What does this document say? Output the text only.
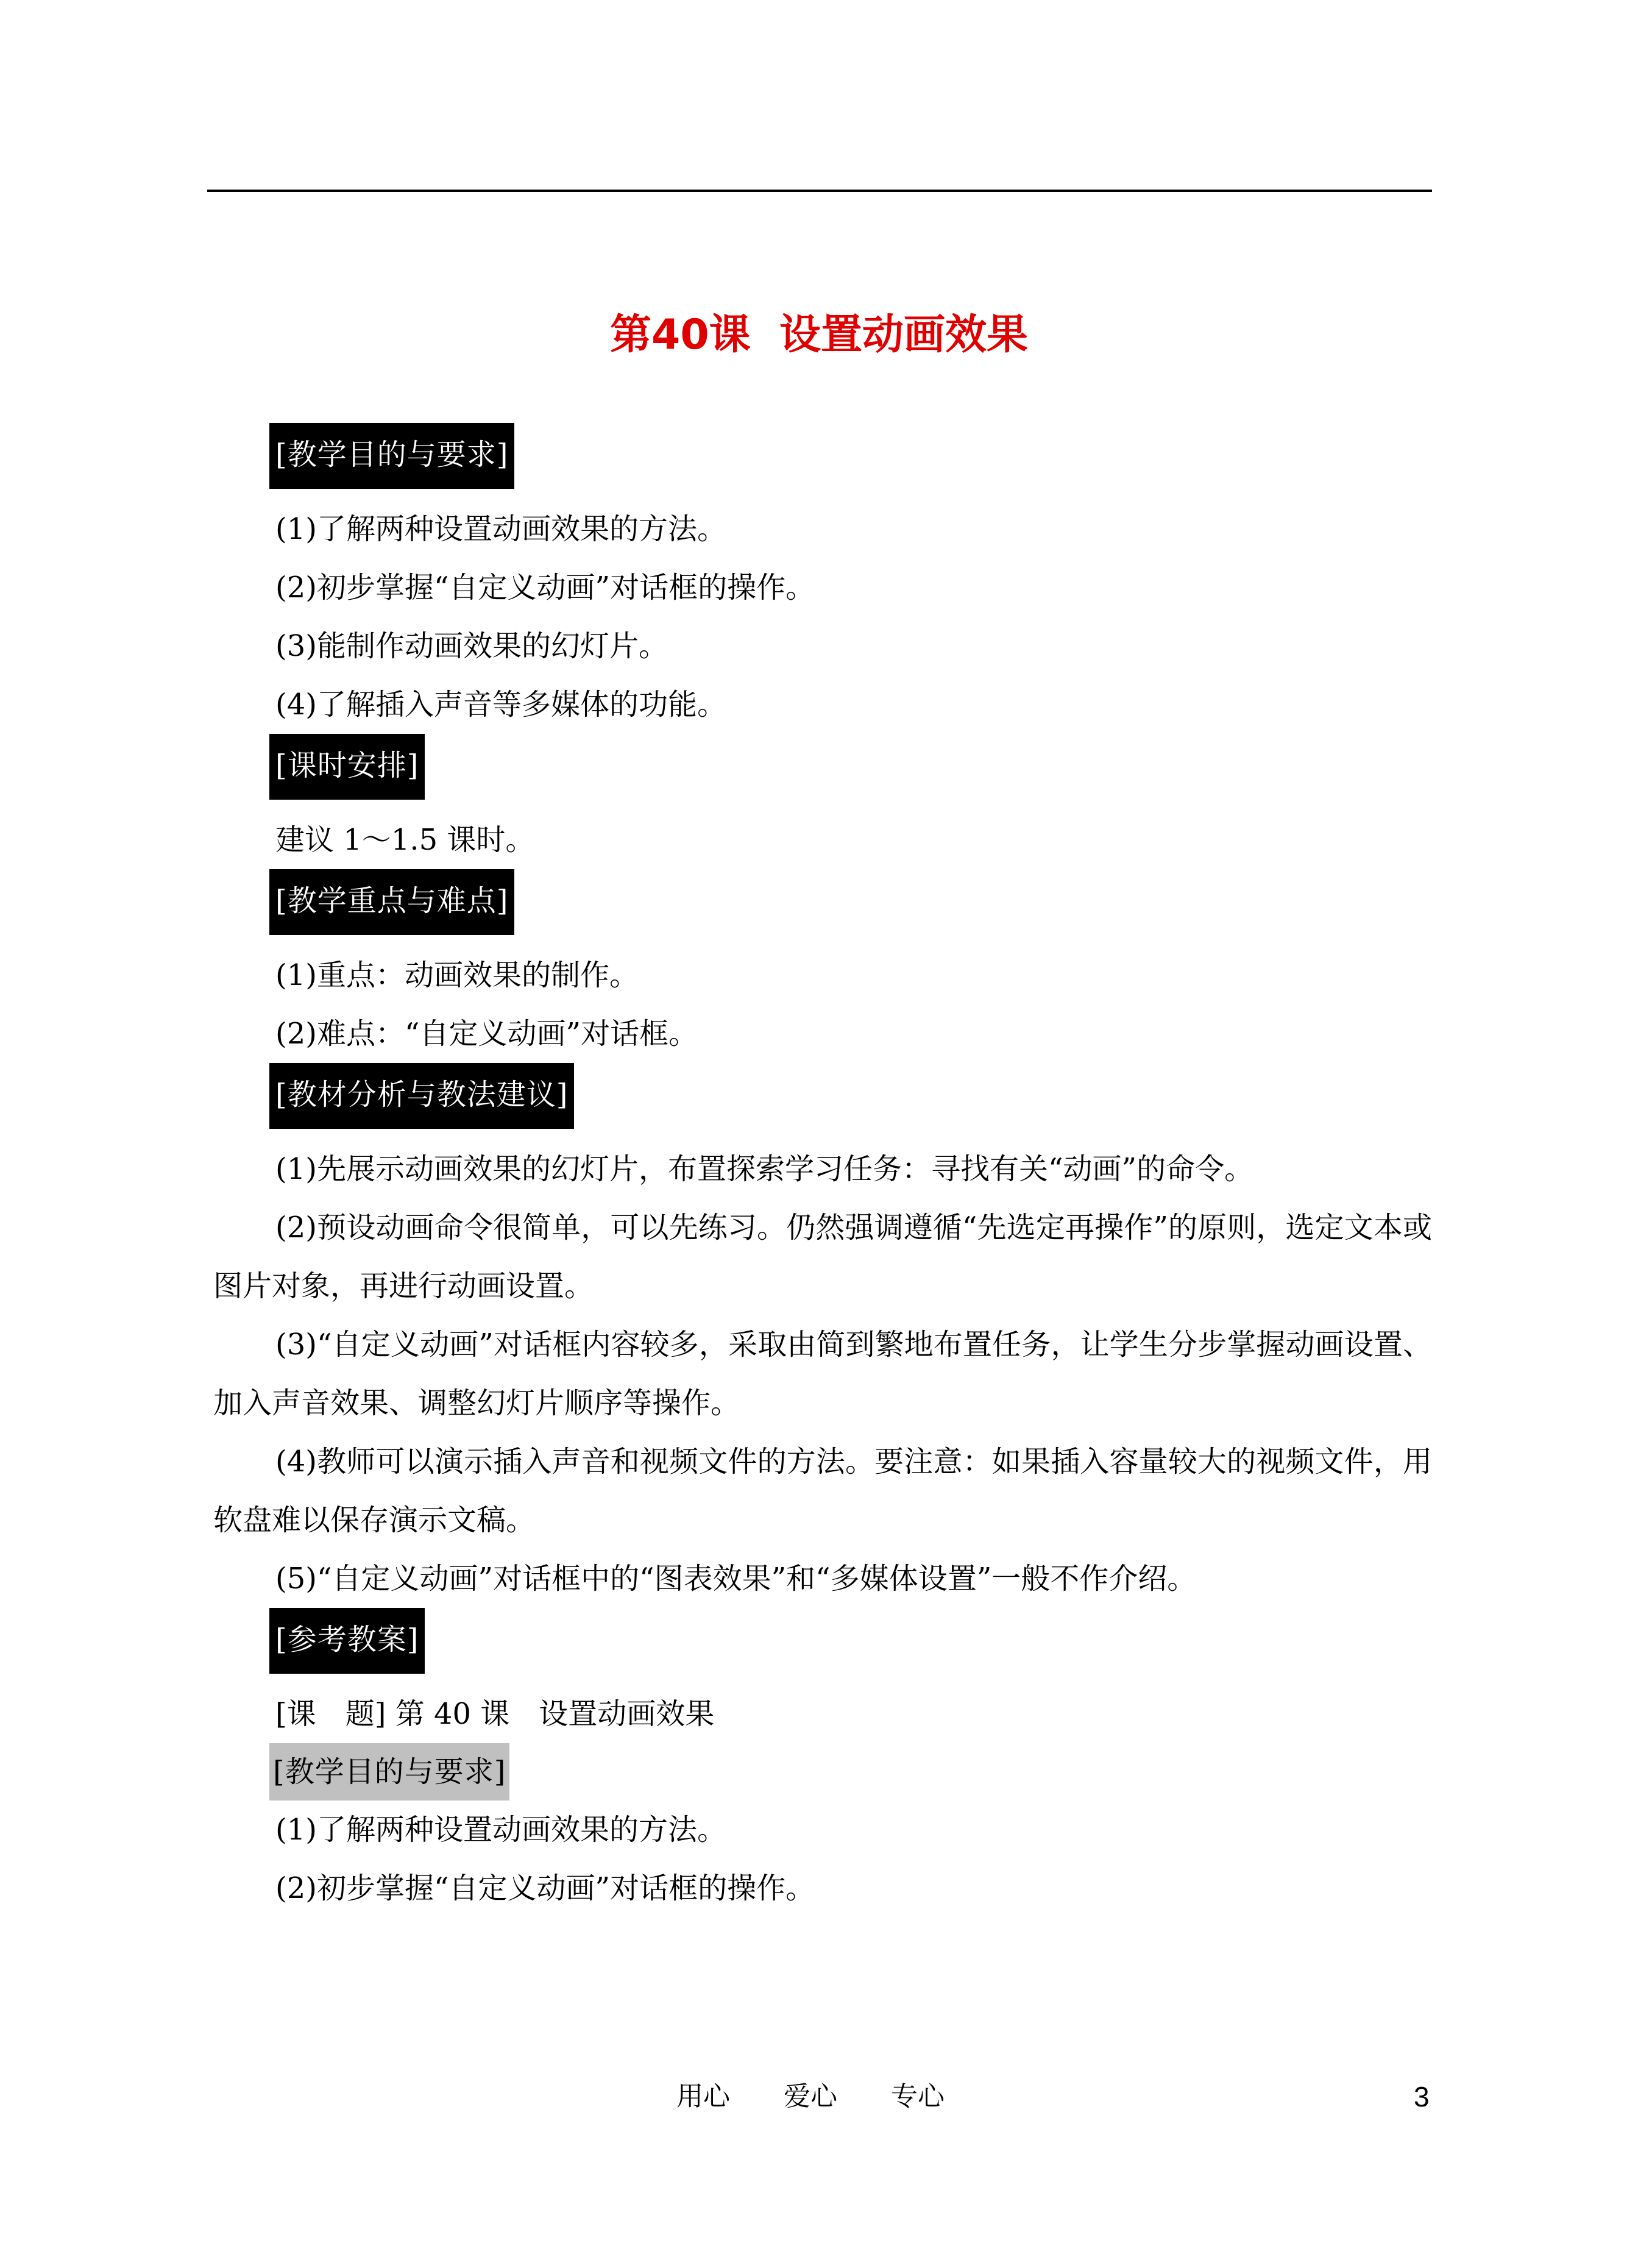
第40课  设置动画效果
[教学目的与要求]
(1)了解两种设置动画效果的方法。
(2)初步掌握“自定义动画”对话框的操作。
(3)能制作动画效果的幻灯片。
(4)了解插入声音等多媒体的功能。
[课时安排]
建议 1～1.5 课时。
[教学重点与难点]
(1)重点：动画效果的制作。
(2)难点：“自定义动画”对话框。
[教材分析与教法建议]
(1)先展示动画效果的幻灯片，布置探索学习任务：寻找有关“动画”的命令。
(2)预设动画命令很简单，可以先练习。仍然强调遵循“先选定再操作”的原则，选定文本或图片对象，再进行动画设置。
(3)“自定义动画”对话框内容较多，采取由简到繁地布置任务，让学生分步掌握动画设置、加入声音效果、调整幻灯片顺序等操作。
(4)教师可以演示插入声音和视频文件的方法。要注意：如果插入容量较大的视频文件，用软盘难以保存演示文稿。
(5)“自定义动画”对话框中的“图表效果”和“多媒体设置”一般不作介绍。
[参考教案]
[课　题] 第 40 课　设置动画效果
[教学目的与要求]
(1)了解两种设置动画效果的方法。
(2)初步掌握“自定义动画”对话框的操作。
用心　　爱心　　专心	3
